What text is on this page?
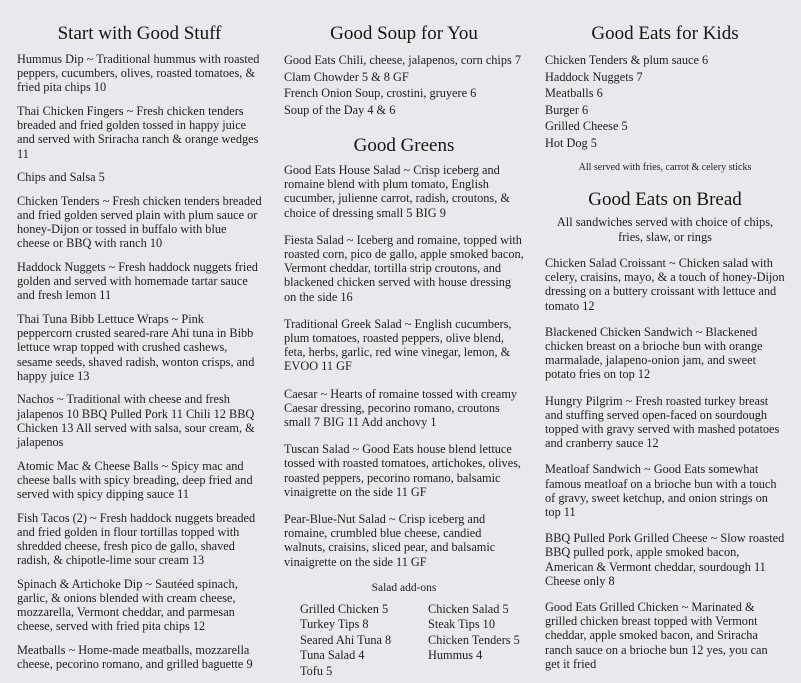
Start with Good Stuff

Hummus Dip ~ Traditional hummus with roasted peppers, cucumbers, olives, roasted tomatoes, & fried pita chips 10

Thai Chicken Fingers ~ Fresh chicken tenders breaded and fried golden tossed in happy juice and served with Sriracha ranch & orange wedges 11

Chips and Salsa 5

Chicken Tenders ~ Fresh chicken tenders breaded and fried golden served plain with plum sauce or honey-Dijon or tossed in buffalo with blue cheese or BBQ with ranch 10

Haddock Nuggets ~ Fresh haddock nuggets fried golden and served with homemade tartar sauce and fresh lemon 11

Thai Tuna Bibb Lettuce Wraps ~ Pink peppercorn crusted seared-rare Ahi tuna in Bibb lettuce wrap topped with crushed cashews, sesame seeds, shaved radish, wonton crisps, and happy juice 13

Nachos ~ Traditional with cheese and fresh jalapenos 10 BBQ Pulled Pork 11 Chili 12 BBQ Chicken 13 All served with salsa, sour cream, & jalapenos

Atomic Mac & Cheese Balls ~ Spicy mac and cheese balls with spicy breading, deep fried and served with spicy dipping sauce 11

Fish Tacos (2) ~ Fresh haddock nuggets breaded and fried golden in flour tortillas topped with shredded cheese, fresh pico de gallo, shaved radish, & chipotle-lime sour cream 13

Spinach & Artichoke Dip ~ Sautéed spinach, garlic, & onions blended with cream cheese, mozzarella, Vermont cheddar, and parmesan cheese, served with fried pita chips 12

Meatballs ~ Home-made meatballs, mozzarella cheese, pecorino romano, and grilled baguette 9

Good Soup for You

Good Eats Chili, cheese, jalapenos, corn chips 7

Clam Chowder 5 & 8 GF

French Onion Soup, crostini, gruyere 6

Soup of the Day 4 & 6

Good Greens

Good Eats House Salad ~ Crisp iceberg and romaine blend with plum tomato, English cucumber, julienne carrot, radish, croutons, & choice of dressing small 5 BIG 9

Fiesta Salad ~ Iceberg and romaine, topped with roasted corn, pico de gallo, apple smoked bacon, Vermont cheddar, tortilla strip croutons, and blackened chicken served with house dressing on the side 16

Traditional Greek Salad ~ English cucumbers, plum tomatoes, roasted peppers, olive blend, feta, herbs, garlic, red wine vinegar, lemon, & EVOO 11 GF

Caesar ~ Hearts of romaine tossed with creamy Caesar dressing, pecorino romano, croutons small 7 BIG 11 Add anchovy 1

Tuscan Salad ~ Good Eats house blend lettuce tossed with roasted tomatoes, artichokes, olives, roasted peppers, pecorino romano, balsamic vinaigrette on the side 11 GF

Pear-Blue-Nut Salad ~ Crisp iceberg and romaine, crumbled blue cheese, candied walnuts, craisins, sliced pear, and balsamic vinaigrette on the side 11 GF

Salad add-ons
Grilled Chicken 5	Chicken Salad 5
Turkey Tips 8	Steak Tips 10
Seared Ahi Tuna 8	Chicken Tenders 5
Tuna Salad 4	Hummus 4
Tofu 5
Good Eats for Kids

Chicken Tenders & plum sauce 6

Haddock Nuggets 7

Meatballs 6

Burger 6

Grilled Cheese 5

Hot Dog 5

All served with fries, carrot & celery sticks

Good Eats on Bread

All sandwiches served with choice of chips, fries, slaw, or rings

Chicken Salad Croissant ~ Chicken salad with celery, craisins, mayo, & a touch of honey-Dijon dressing on a buttery croissant with lettuce and tomato 12

Blackened Chicken Sandwich ~ Blackened chicken breast on a brioche bun with orange marmalade, jalapeno-onion jam, and sweet potato fries on top 12

Hungry Pilgrim ~ Fresh roasted turkey breast and stuffing served open-faced on sourdough topped with gravy served with mashed potatoes and cranberry sauce 12

Meatloaf Sandwich ~ Good Eats somewhat famous meatloaf on a brioche bun with a touch of gravy, sweet ketchup, and onion strings on top 11

BBQ Pulled Pork Grilled Cheese ~ Slow roasted BBQ pulled pork, apple smoked bacon, American & Vermont cheddar, sourdough 11 Cheese only 8

Good Eats Grilled Chicken ~ Marinated & grilled chicken breast topped with Vermont cheddar, apple smoked bacon, and Sriracha ranch sauce on a brioche bun 12 yes, you can get it fried
